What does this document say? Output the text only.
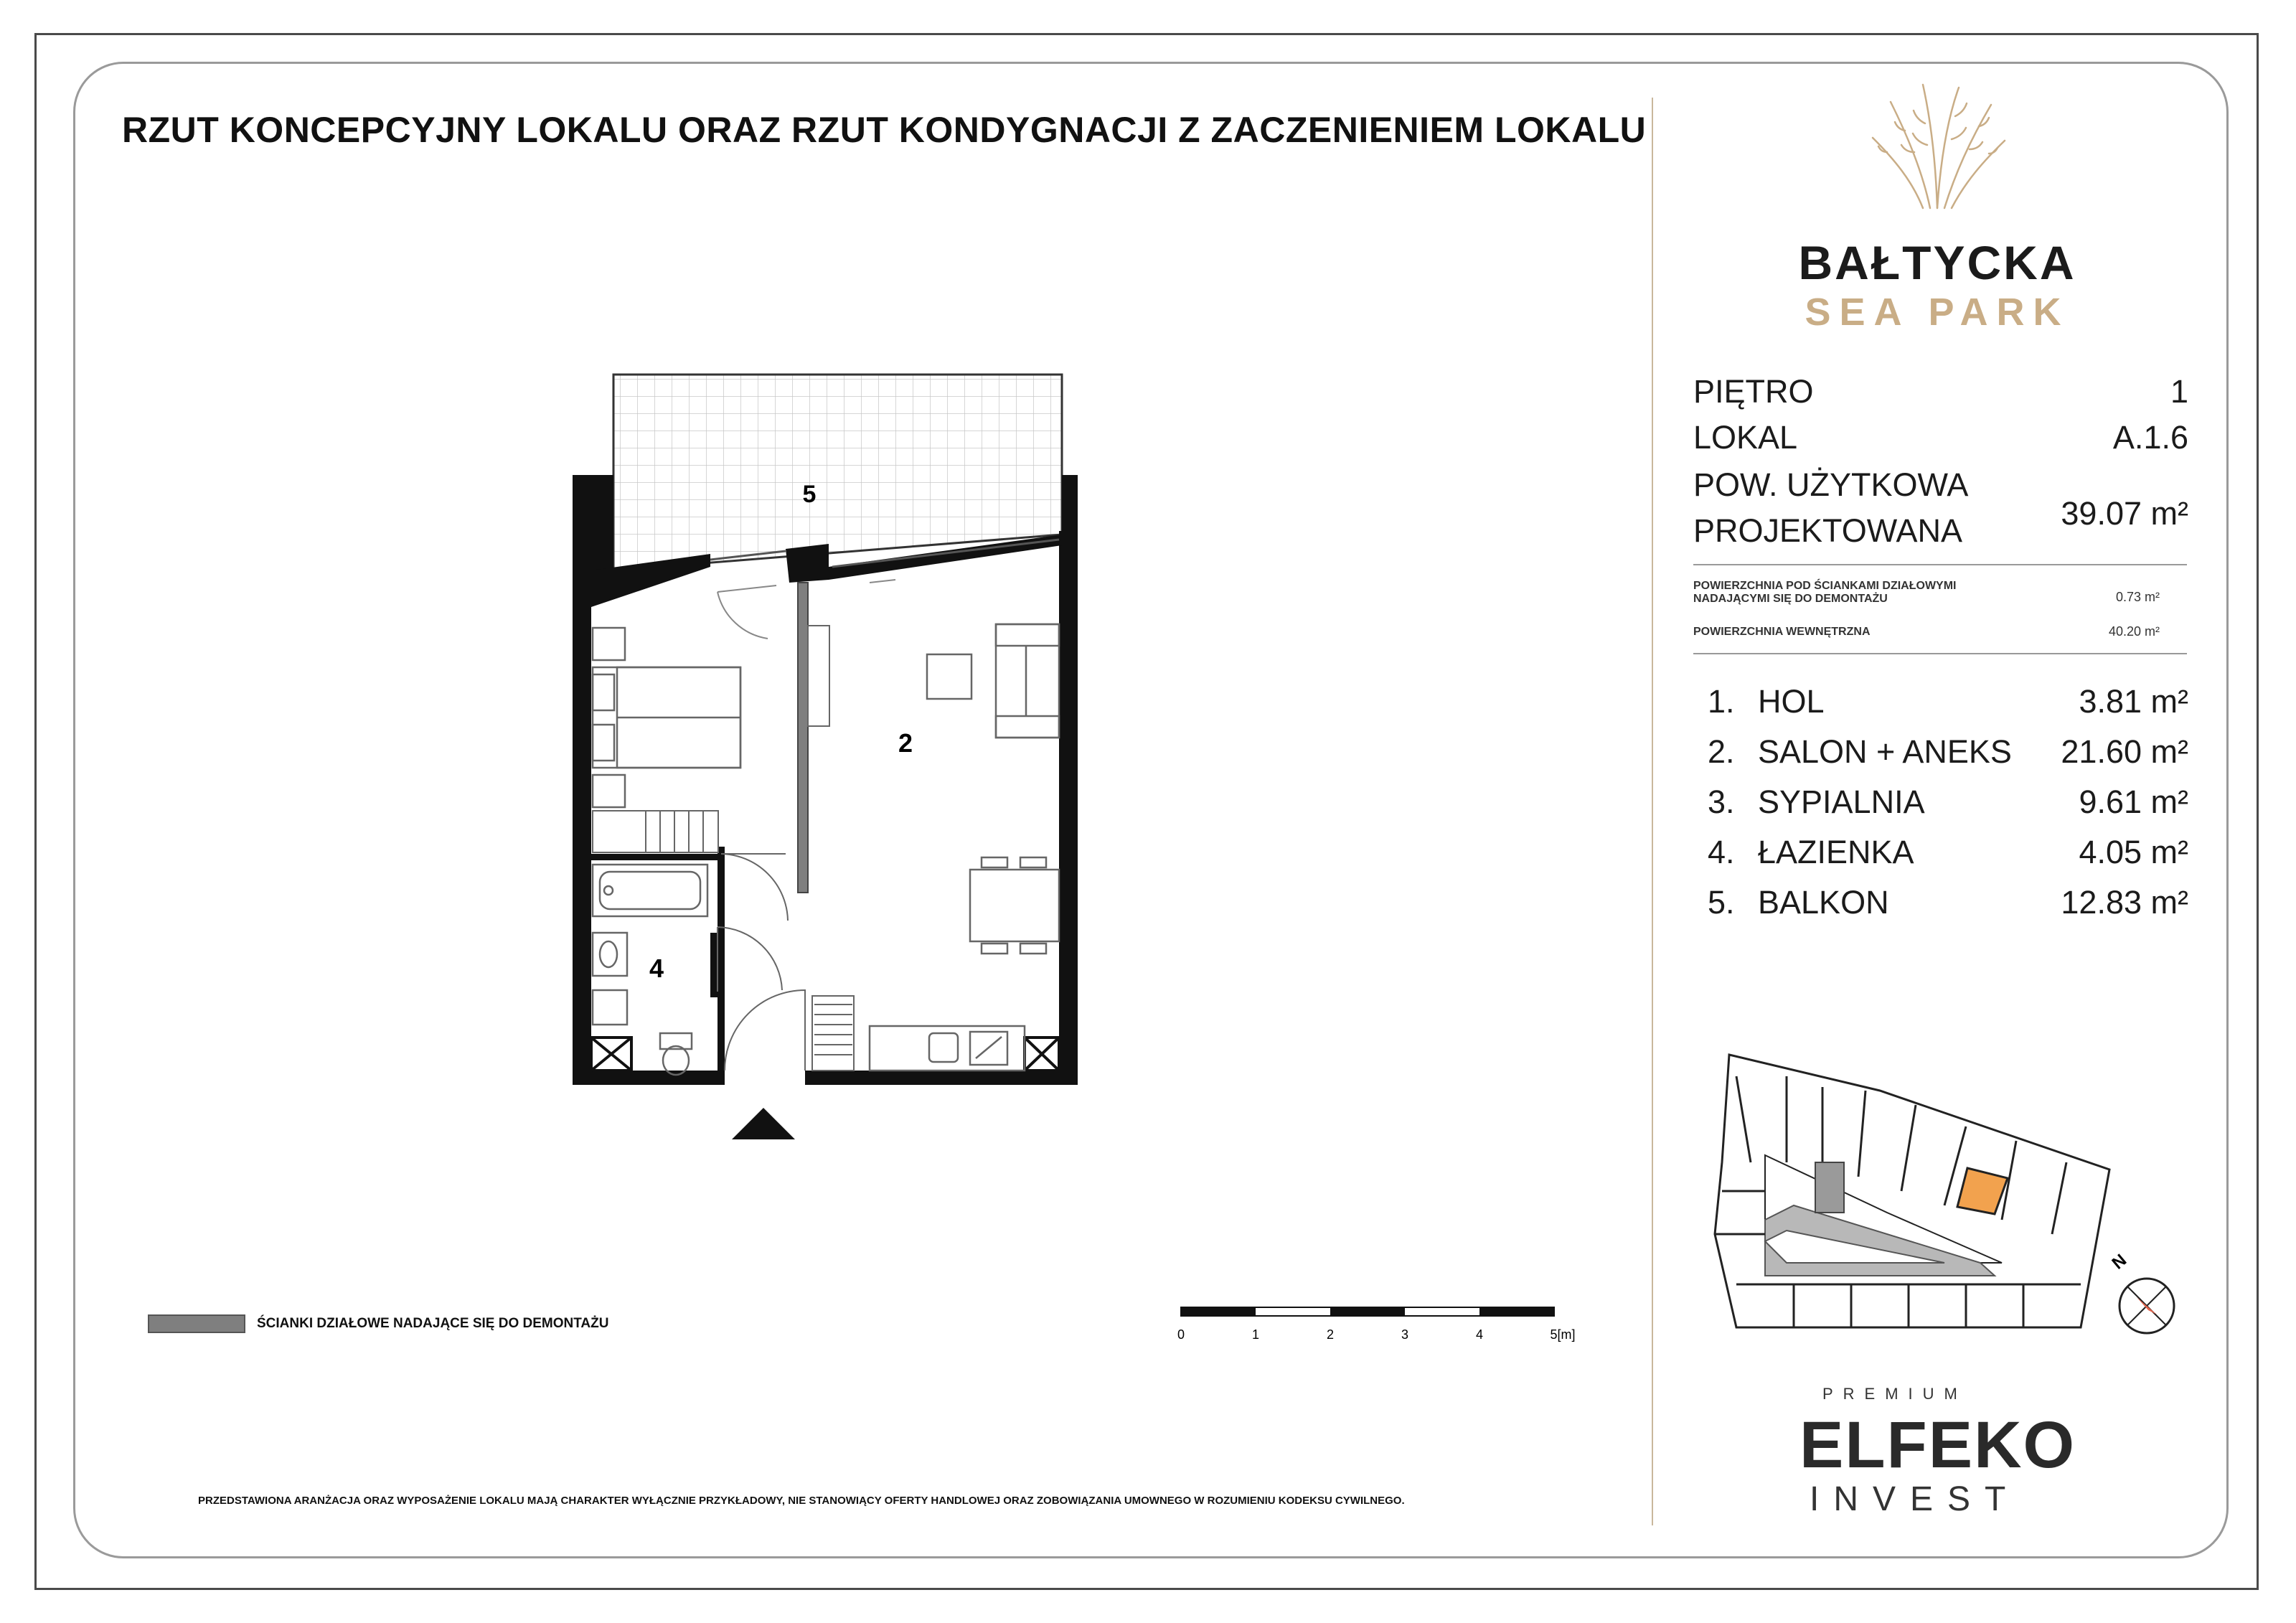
RZUT KONCEPCYJNY LOKALU ORAZ RZUT KONDYGNACJI Z ZACZENIENIEM LOKALU
5
2
4
0	1	2	3	4	5[m]
ŚCIANKI DZIAŁOWE NADAJĄCE SIĘ DO DEMONTAŻU
PRZEDSTAWIONA ARANŻACJA ORAZ WYPOSAŻENIE LOKALU MAJĄ CHARAKTER WYŁĄCZNIE PRZYKŁADOWY, NIE STANOWIĄCY OFERTY HANDLOWEJ ORAZ ZOBOWIĄZANIA UMOWNEGO W ROZUMIENIU KODEKSU CYWILNEGO.
BAŁTYCKA
SEA PARK
PIĘTRO	1
LOKAL	A.1.6
POW. UŻYTKOWA
PROJEKTOWANA	39.07 m²
POWIERZCHNIA POD ŚCIANKAMI DZIAŁOWYMI
NADAJĄCYMI SIĘ DO DEMONTAŻU	0.73 m²
POWIERZCHNIA WEWNĘTRZNA	40.20 m²
1. HOL	3.81 m²
2. SALON + ANEKS 21.60 m²
3. SYPIALNIA	9.61 m²
4. ŁAZIENKA	4.05 m²
5. BALKON	12.83 m²
N
PREMIUM
ELFEKO
INVEST
